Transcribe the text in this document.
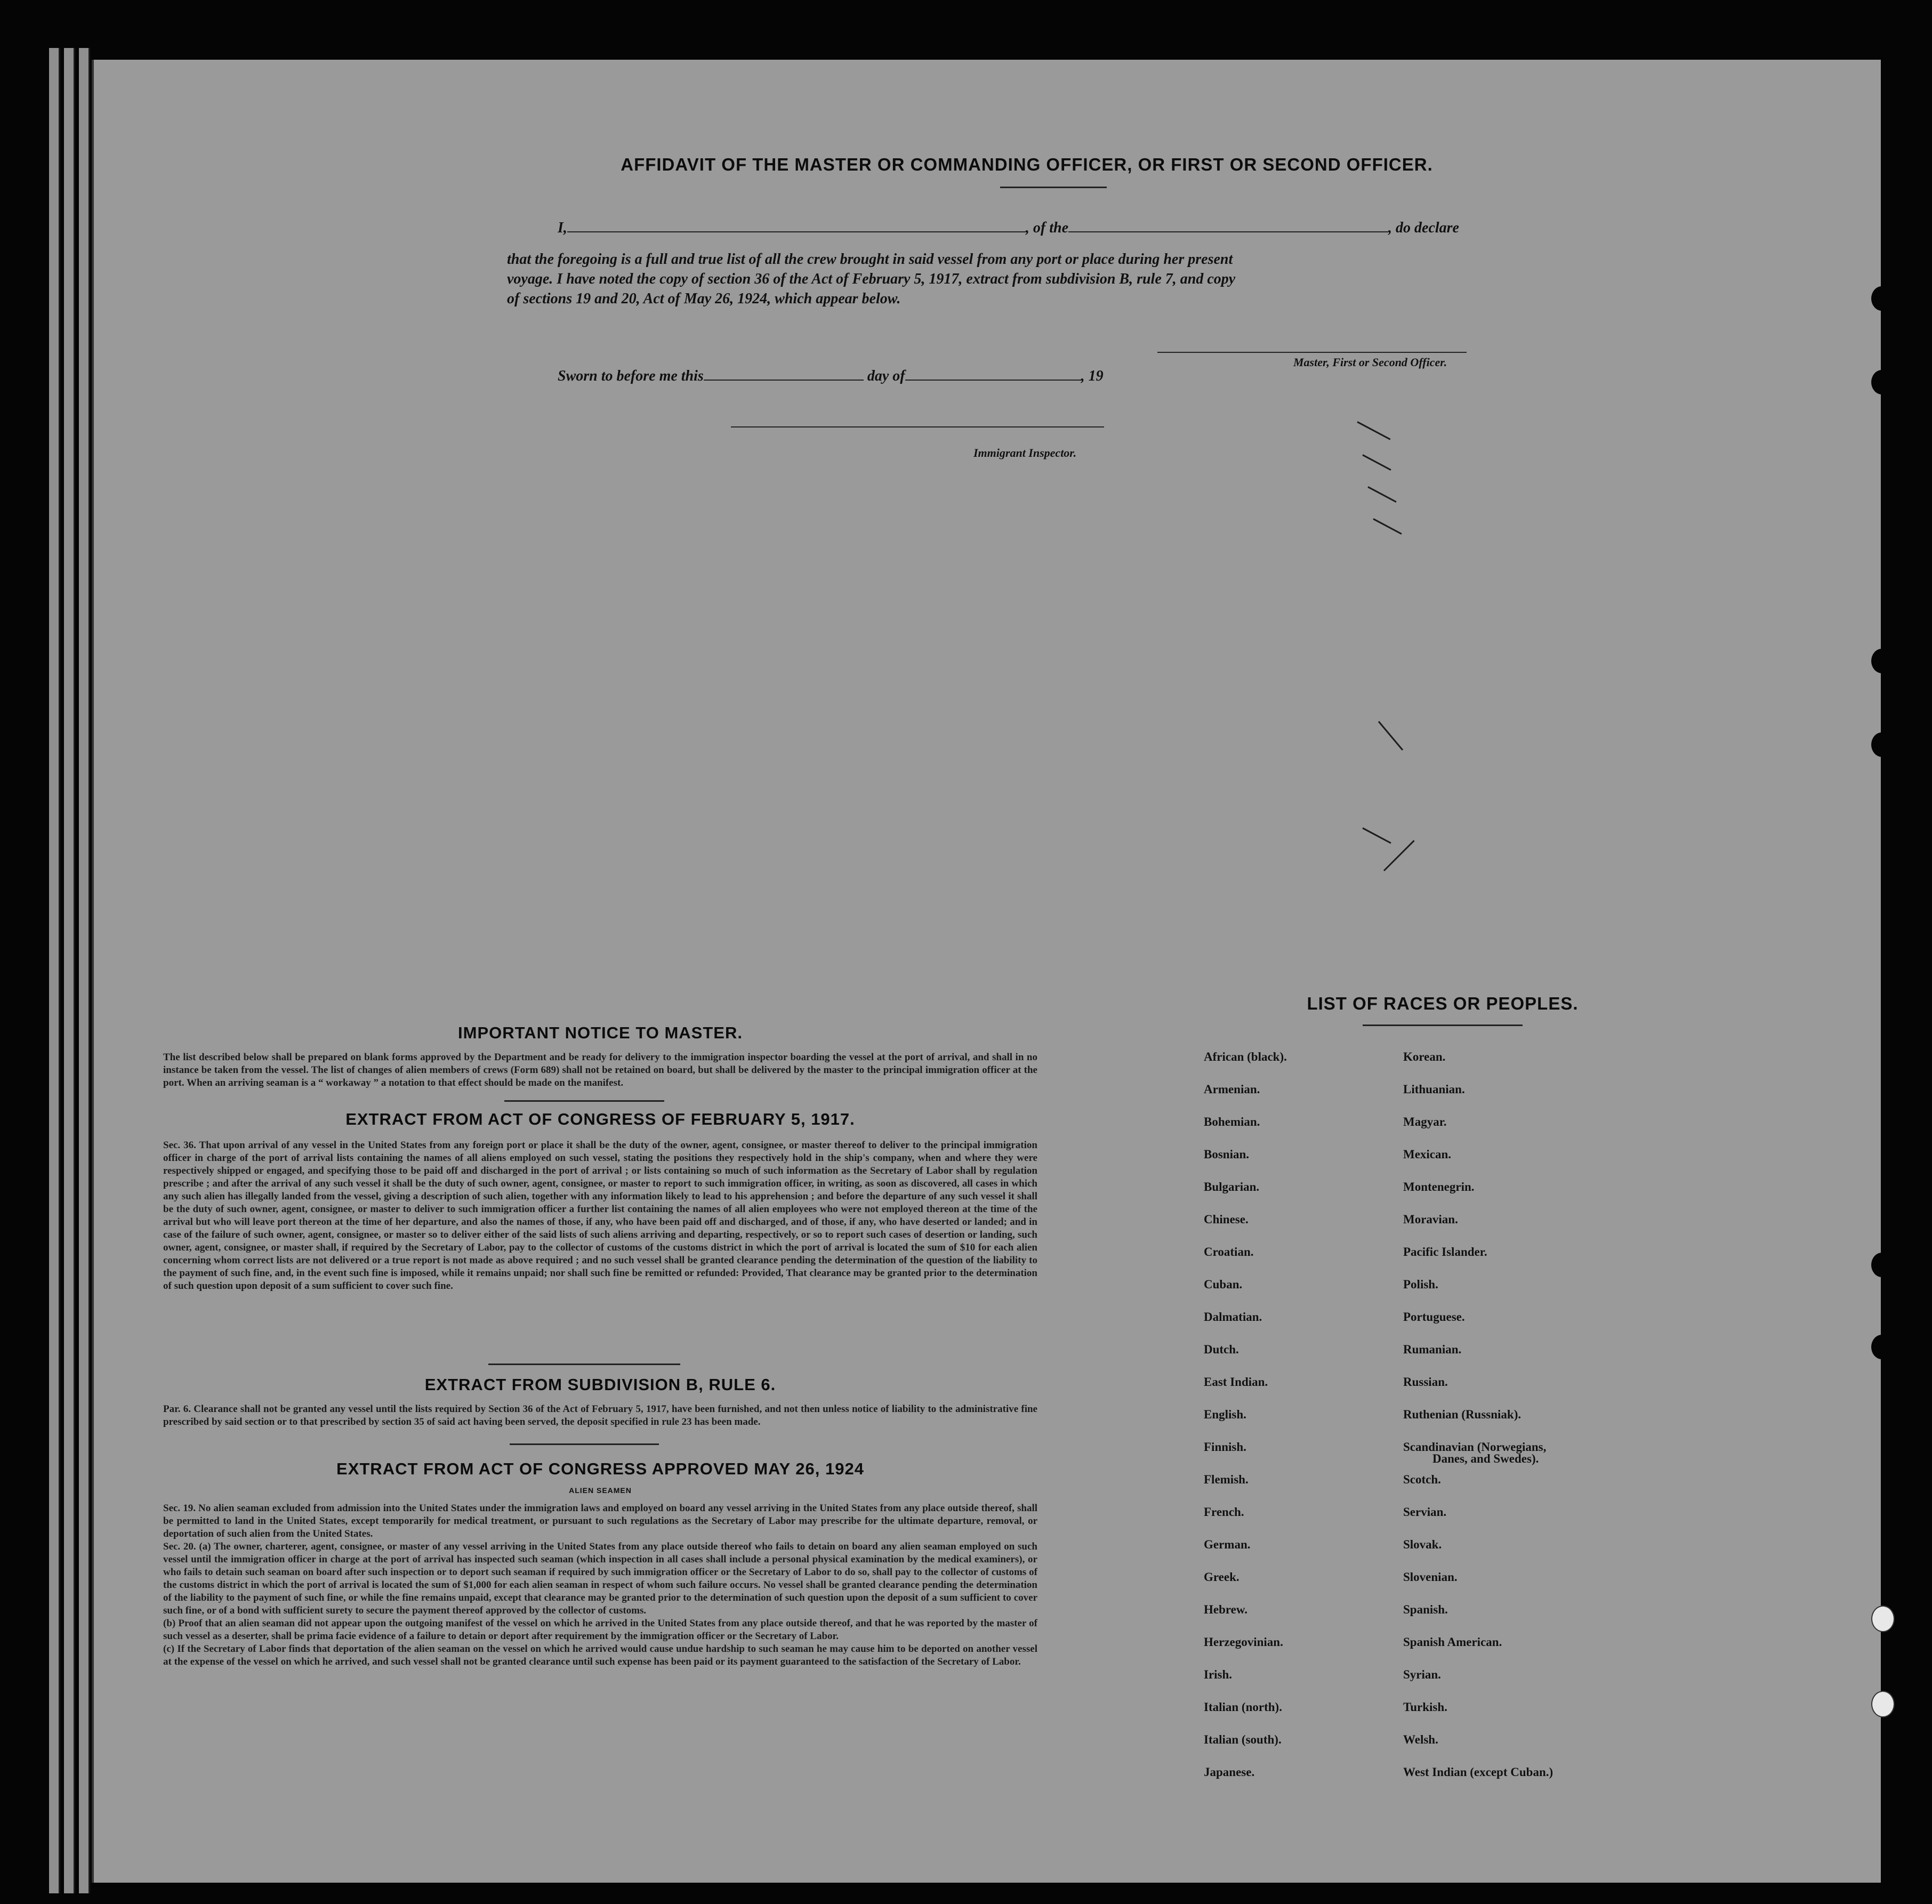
AFFIDAVIT OF THE MASTER OR COMMANDING OFFICER, OR FIRST OR SECOND OFFICER.
I,	, of the	, do declare
that the foregoing is a full and true list of all the crew brought in said vessel from any port or place during her present
voyage. I have noted the copy of section 36 of the Act of February 5, 1917, extract from subdivision B, rule 7, and copy
of sections 19 and 20, Act of May 26, 1924, which appear below.
Master, First or Second Officer.
Sworn to before me this	day of	, 19
Immigrant Inspector.
IMPORTANT NOTICE TO MASTER.
The list described below shall be prepared on blank forms approved by the Department and be ready for delivery to the immigration inspector boarding the vessel at the port of arrival, and shall in no instance be taken from the vessel. The list of changes of alien members of crews (Form 689) shall not be retained on board, but shall be delivered by the master to the principal immigration officer at the port. When an arriving seaman is a “ workaway ” a notation to that effect should be made on the manifest.
EXTRACT FROM ACT OF CONGRESS OF FEBRUARY 5, 1917.
Sec. 36. That upon arrival of any vessel in the United States from any foreign port or place it shall be the duty of the owner, agent, consignee, or master thereof to deliver to the principal immigration officer in charge of the port of arrival lists containing the names of all aliens employed on such vessel, stating the positions they respectively hold in the ship's company, when and where they were respectively shipped or engaged, and specifying those to be paid off and discharged in the port of arrival ; or lists containing so much of such information as the Secretary of Labor shall by regulation prescribe ; and after the arrival of any such vessel it shall be the duty of such owner, agent, consignee, or master to report to such immigration officer, in writing, as soon as discovered, all cases in which any such alien has illegally landed from the vessel, giving a description of such alien, together with any information likely to lead to his apprehension ; and before the departure of any such vessel it shall be the duty of such owner, agent, consignee, or master to deliver to such immigration officer a further list containing the names of all alien employees who were not employed thereon at the time of the arrival but who will leave port thereon at the time of her departure, and also the names of those, if any, who have been paid off and discharged, and of those, if any, who have deserted or landed; and in case of the failure of such owner, agent, consignee, or master so to deliver either of the said lists of such aliens arriving and departing, respectively, or so to report such cases of desertion or landing, such owner, agent, consignee, or master shall, if required by the Secretary of Labor, pay to the collector of customs of the customs district in which the port of arrival is located the sum of $10 for each alien concerning whom correct lists are not delivered or a true report is not made as above required ; and no such vessel shall be granted clearance pending the determination of the question of the liability to the payment of such fine, and, in the event such fine is imposed, while it remains unpaid; nor shall such fine be remitted or refunded: Provided, That clearance may be granted prior to the determination of such question upon deposit of a sum sufficient to cover such fine.
EXTRACT FROM SUBDIVISION B, RULE 6.
Par. 6. Clearance shall not be granted any vessel until the lists required by Section 36 of the Act of February 5, 1917, have been furnished, and not then unless notice of liability to the administrative fine prescribed by said section or to that prescribed by section 35 of said act having been served, the deposit specified in rule 23 has been made.
EXTRACT FROM ACT OF CONGRESS APPROVED MAY 26, 1924
ALIEN SEAMEN
Sec. 19. No alien seaman excluded from admission into the United States under the immigration laws and employed on board any vessel arriving in the United States from any place outside thereof, shall be permitted to land in the United States, except temporarily for medical treatment, or pursuant to such regulations as the Secretary of Labor may prescribe for the ultimate departure, removal, or deportation of such alien from the United States.
Sec. 20. (a) The owner, charterer, agent, consignee, or master of any vessel arriving in the United States from any place outside thereof who fails to detain on board any alien seaman employed on such vessel until the immigration officer in charge at the port of arrival has inspected such seaman (which inspection in all cases shall include a personal physical examination by the medical examiners), or who fails to detain such seaman on board after such inspection or to deport such seaman if required by such immigration officer or the Secretary of Labor to do so, shall pay to the collector of customs of the customs district in which the port of arrival is located the sum of $1,000 for each alien seaman in respect of whom such failure occurs. No vessel shall be granted clearance pending the determination of the liability to the payment of such fine, or while the fine remains unpaid, except that clearance may be granted prior to the determination of such question upon the deposit of a sum sufficient to cover such fine, or of a bond with sufficient surety to secure the payment thereof approved by the collector of customs.
(b) Proof that an alien seaman did not appear upon the outgoing manifest of the vessel on which he arrived in the United States from any place outside thereof, and that he was reported by the master of such vessel as a deserter, shall be prima facie evidence of a failure to detain or deport after requirement by the immigration officer or the Secretary of Labor.
(c) If the Secretary of Labor finds that deportation of the alien seaman on the vessel on which he arrived would cause undue hardship to such seaman he may cause him to be deported on another vessel at the expense of the vessel on which he arrived, and such vessel shall not be granted clearance until such expense has been paid or its payment guaranteed to the satisfaction of the Secretary of Labor.
LIST OF RACES OR PEOPLES.
African (black).
Armenian.
Bohemian.
Bosnian.
Bulgarian.
Chinese.
Croatian.
Cuban.
Dalmatian.
Dutch.
East Indian.
English.
Finnish.
Flemish.
French.
German.
Greek.
Hebrew.
Herzegovinian.
Irish.
Italian (north).
Italian (south).
Japanese.
Korean.
Lithuanian.
Magyar.
Mexican.
Montenegrin.
Moravian.
Pacific Islander.
Polish.
Portuguese.
Rumanian.
Russian.
Ruthenian (Russniak).
Scandinavian (Norwegians,
Danes, and Swedes).
Scotch.
Servian.
Slovak.
Slovenian.
Spanish.
Spanish American.
Syrian.
Turkish.
Welsh.
West Indian (except Cuban.)
